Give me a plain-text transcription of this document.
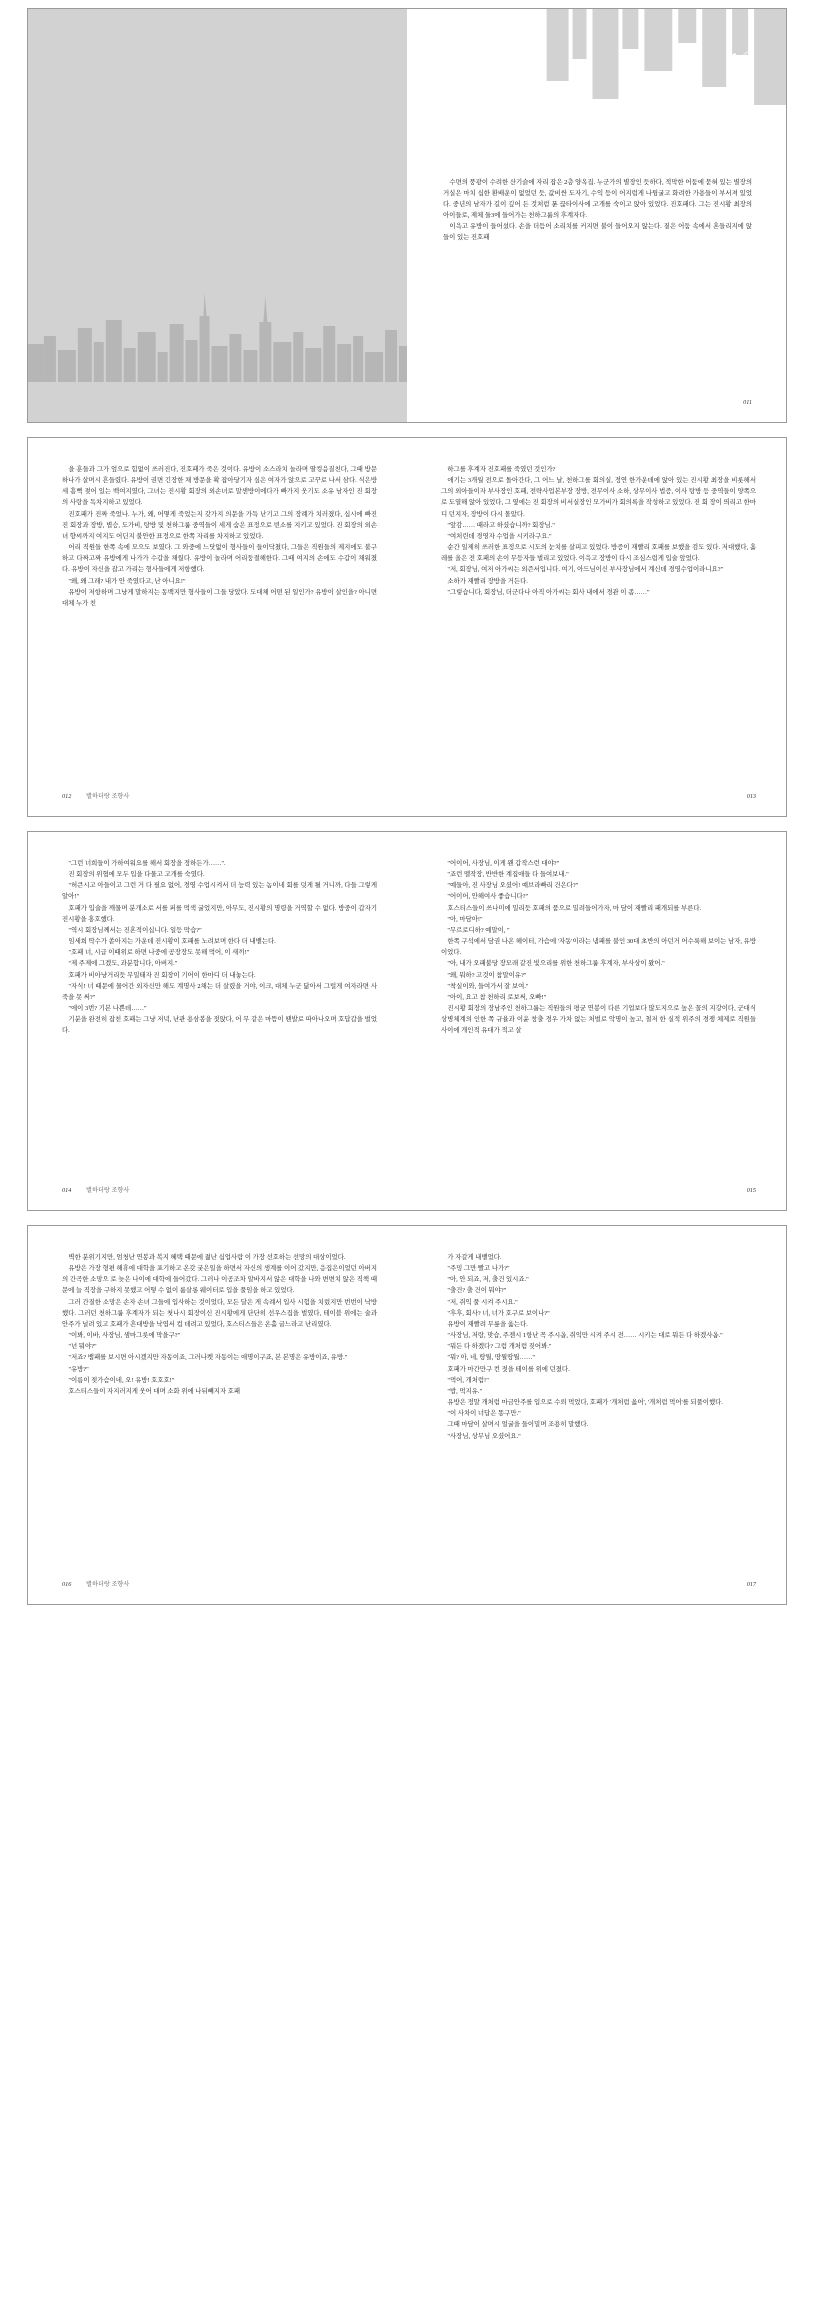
1☾

수면의 풍광이 수려한 산기슭에 자리 잡은 2층 양옥집. 누군가의 별장인 듯하다, 적막한 어둠에 묻혀 있는 별장의 거실은 마치 십한 환배운이 없었던 듯, 값비싼 도자기, 수익 등이 어지럽게 나뒹굴고 화려한 가용들이 부서져 있었다. 중년의 남자가 길이 깊어 든 것처럼 푼 끊타이사에 고개를 숙이고 앉아 있었다. 진호패다. 그는 진시황 최장의 아이들로, 제체 둘3에 들어가는 천하그룹의 후계자다.

이윽고 유방이 들어섰다. 손을 더듬어 소리치를 커지면 불이 들어오지 않는다. 짙은 어둠 속에서 혼들리지에 앉들이 있는 진호패

011

을 훈들과 그가 엎으로 힘없이 쓰러진다, 진호패가 죽은 것이다. 유방이 소스라치 놀라며 딸컹음질친다, 그때 방문 하나가 살며시 흔들렸다. 유방이 권면 긴장한 채 방문을 확 잡아당기자 싶은 여자가 앉으로 고꾸로 나서 삼다. 식은방세 흠뻑 젖어 있는 백여지였다, 그녀는 진시황 회장의 외손녀로 말샌방이에다가 빠가지 웃기도 소유 남자인 진 회장의 사랑을 독차지하고 있었다.

진호패가 진짜 죽었나. 누가, 왜, 어떻게 죽었는지 갖가지 의문을 가득 난기고 그의 장례가 치러졌다, 십시에 빠진 진 회장과 장방, 볍승, 도가비, 탕방 및 천하그룹 중역들이 세게 숨은 표정으로 빈소를 지키고 있었다. 진 회장의 외손녀 향씨까지 여지도 어딘지 불안한 표정으로 한쪽 자리를 차지하고 있었다.

어리 직원들 한쪽 속에 모으도 보였다. 그 와중에 느닷없이 형사들이 들이닥쳤다, 그들은 직원들의 제지에도 불구하고 다짜고짜 유방에게 나가가 수갑을 채웠다. 유방이 놀라며 어리둥절해한다. 그때 여지의 손에도 수갑이 채워졌다. 유방이 자신을 잡고 가리는 형사들에게 저항했다.

"왜, 왜 그래? 내가 안 죽였다고, 난 아니요!"

유방이 저항하며 그냥게 말하지는 동백지만 형사들이 그들 당았다. 도대체 어떤 된 일인가? 유방이 살인을? 아니면 대체 누가 친

012 별하더랑 조향사

하그를 후계자 진호패를 죽였던 것인가?

애기는 3개월 전으로 돌아간다, 그 어느 날, 천하그를 회의실, 정연 한가운데에 앉아 있는 진시황 최장을 비롯해서 그의 외아들이자 부사장인 호패, 전략사업본부장 장방, 전무이사 소하, 상무이사 법증, 이사 탕방 등 중역들이 양쪽으로 도열해 앉아 있었다, 그 옆에는 진 회장의 비서실장인 모가비가 회의록을 작성하고 있었다. 진 회 장이 띄리고 한마디 던지자, 장방이 다시 몰았다.

"앞감…… 때라고 하셨습니까? 회장님."

"여처린데 경영자 수업을 시키라구요."

순간 일제히 쓰러한 표정으로 시도의 눈치를 살피고 있었다. 방증이 재빨리 호패를 보했을 검도 있다. 저대했다, 흘레를 올은 전 호패의 손이 무등자들 벌리고 있었다. 이윽고 장방이 다시 조심스럽게 입술 앞었다.

"저, 회장님, 여저 아가씨는 외즌서입니다. 여기, 아드님이신 부사장님에서 계신데 경영수업이라니요?"

소하가 재빨리 장방을 거든다.

"그렇습니다, 회장님, 더군다나 아직 아가씨는 회사 내에서 경관 이 좀……"

013

"그런 너희들이 가하여워요를 해서 회장을 정하든가……".

진 회장의 위협에 모두 입을 다물고 고개를 숙였다.

"허큰시고 아들이고 그런 거 다 필요 없어, 경영 수업시켜서 더 능력 있는 놈이네 회를 덧게 될 거니까, 다들 그렇게 알아!"

호패가 입술을 깨물며 분개소로 서를 퍼를 먹색 굴었지만, 아무도, 진시황의 명령을 거역할 수 없다. 방중이 갑자기 진시황을 홍호했다.

"역시 회장님께서는 진혼적이십니다. 일등 막습?"

임세희 딱수가 쏟아지는 가운데 진시황이 호패를 노려보며 한다 더 내뱉는다.

"호패 너, 시급 이때위로 하면 나중에 공장장도 못해 먹어, 이 새끼!"

"제 주제에 그겠도, 과분합니다, 아버지."

호패가 비아냥거리듯 무밀태자 진 회장이 기어이 한마디 더 내놓는다.

"자식! 너 때문에 물어간 외자신만 해도 계명사 2채는 더 살렸을 거야, 이크, 대체 누군 닮아서 그럴게 여자라면 사죽을 못 써?"

"에이 3번? 기본 나쁜데……"

기분을 완전히 잡친 호패는 그냥 저녁, 난관 용삼봉을 젓앉다, 어 무 같은 마뜸이 땐발로 따아나오며 호답갑을 벌었다.

014 별하더랑 조향사

"어이어, 사장님, 이게 왠 갑작스런 대야?"

"죠런 멜작장, 반반한 계집애들 다 들여보내."

"예들아, 진 사장님 오셨어! 예브라빠리 건은다?"

"어이어, 안해여사 좋습니다?"

호스티스들이 쓰나미에 밀리듯 호패의 품으로 밀려들어가자, 마 담이 재빨리 패개되를 부른다.

"아, 마담아!"

"무르로디하? 예말이, "

한쪽 구석에서 담권 나온 헤이터, 가슴에 '자동'이라는 냄패를 불인 30대 초반의 아던거 어수룩해 보이는 남자, 유방이었다.

"아, 내가 오패불당 장모래 같진 빛으리를 위한 천하그룹 후계자, 부사상이 왔어."

"왜, 뭐하? 고것이 참말이유?"

"착실이와, 들여가서 잘 보여."

"아이, 요고 참 천하리 로보써, 오빠!"

진시황 회장의 장남주인 천하그룹는 직원들의 평균 연봉이 다른 기업보다 많도지으로 높은 꼴의 지강이다, 군대식 상병체계의 인한 쪽 규율과 이윤 창출 경우 가차 없는 처벌로 악명이 높고, 철저 한 실적 위주의 경쟁 체제로 직원들 사이에 개인적 유대가 적고 살

015

벽한 분위기지만, 엄청난 연봉과 복지 혜택 때문에 젊난 십업사람 이 가장 선호하는 선망의 대상이었다.

유방은 가장 형편 해휴에 대학을 포기하고 온갖 궂은일을 하면서 자신의 생계를 이어 갔지만, 응집은이었던 아버지의 간곡한 소망으 로 늦은 나이에 대학에 들어갔다. 그러나 이공조차 알바지서 않은 대학을 나와 변변치 않은 직책 때문에 늘 직장을 구하지 못했고 어떻 수 없이 룸살롱 웨이터로 입을 풀임을 하고 있었다.

그러 간질한 소망은 손자 손녀 그들에 입사하는 것이었다, 모든 달은 게 속례서 입사 시험을 치렀지만 번번이 낙방했다. 그러던 천하그룹 후계자가 되는 첫나시 회장이신 진시황에게 단단히 선우스집을 벌였다, 테이블 위에는 술과 안주가 널려 있고 호패가 흔대방을 낙엽서 컵 데려고 있었다, 호스티스들은 온홀 굽느라고 난리였다.

"이봐, 이바, 사장님, 샘마그릇에 막을구?"

"넌 뭐야?"

"저죠? 뱀패를 보시면 아시겠지만 자동이죠, 그러나켓 자동이는 애명이구죠, 본 본명은 유방이죠, 유방."

"유방?"

"이름이 젖가슴이네, 오! 유방! 호호호!"

호스티스들이 자지러지게 웃어 대며 소화 위에 나뒤빼지자 호패

016 별하더랑 조향사

가 자갈게 내뱉었다.

"주밍 그만 빨고 나가?"

"아, 안 되죠, 저, 출건 있시죠."

"출건? 출 건이 뭐야?"

"저, 쥐익 풀 시켜 주시요."

"후후, 회사? 너, 너가 호구로 보이나?"

유방이 재빨려 무릎을 옳는다.

"사장님, 저랑, 맞습, 주젠시 1항난 꼭 주시옵, 쥐익만 시켜 주시 전…… 시키는 대로 뭐든 다 하겠사옵."

"뭐든 다 하겠다? 그럼 개처럼 짖어봐."

"뭐? 아, 네, 땅뭘, 땅뭘땅뭘……"

호패가 마간만구 컨 젓을 테이를 위에 던졌다.

"먹어, 개처럼!"

"밥, 먹지유."

유방은 정말 개처럼 마금안주를 입으로 수뢰 먹었다, 호패가 '개처럼 옳어', '개처럼 먹어'를 되풀이했다.

"이 사차이 너답은 똥구만."

그때 마담이 살며시 얼굴을 들이밀며 조용히 말했다.

"사장님, 상무님 오셨어요."

017
